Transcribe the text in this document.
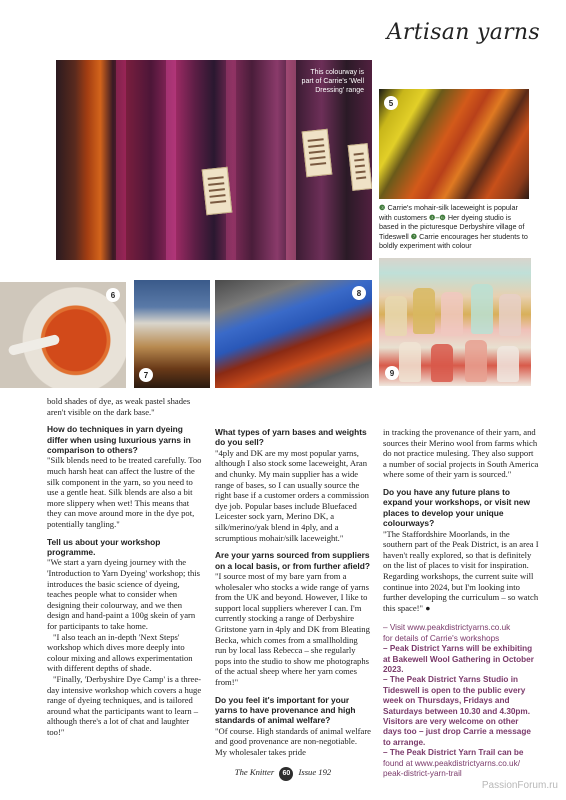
Artisan yarns
This colourway is part of Carrie's 'Well Dressing' range
5
❸ Carrie's mohair-silk laceweight is popular with customers ❹–❻ Her dyeing studio is based in the picturesque Derbyshire village of Tideswell ❼ Carrie encourages her students to boldly experiment with colour
6
7
8
9

bold shades of dye, as weak pastel shades aren't visible on the dark base."

How do techniques in yarn dyeing differ when using luxurious yarns in comparison to others?

"Silk blends need to be treated carefully. Too much harsh heat can affect the lustre of the silk component in the yarn, so you need to use a gentle heat. Silk blends are also a bit more slippery when wet! This means that they can move around more in the dye pot, potentially tangling."

Tell us about your workshop programme.

"We start a yarn dyeing journey with the 'Introduction to Yarn Dyeing' workshop; this introduces the basic science of dyeing, teaches people what to consider when designing their colourway, and we then design and hand-paint a 100g skein of yarn for participants to take home.

"I also teach an in-depth 'Next Steps' workshop which dives more deeply into colour mixing and allows experimentation with different depths of shade.

"Finally, 'Derbyshire Dye Camp' is a three-day intensive workshop which covers a huge range of dyeing techniques, and is tailored around what the participants want to learn – although there's a lot of chat and laughter too!"

What types of yarn bases and weights do you sell?

"4ply and DK are my most popular yarns, although I also stock some laceweight, Aran and chunky. My main supplier has a wide range of bases, so I can usually source the right base if a customer orders a commission dye job. Popular bases include Bluefaced Leicester sock yarn, Merino DK, a silk/merino/yak blend in 4ply, and a scrumptious mohair/silk laceweight."

Are your yarns sourced from suppliers on a local basis, or from further afield?

"I source most of my bare yarn from a wholesaler who stocks a wide range of yarns from the UK and beyond. However, I like to support local suppliers wherever I can. I'm currently stocking a range of Derbyshire Gritstone yarn in 4ply and DK from Bleating Becka, which comes from a smallholding run by local lass Rebecca – she regularly pops into the studio to show me photographs of the actual sheep where her yarn comes from!"

Do you feel it's important for your yarns to have provenance and high standards of animal welfare?

"Of course. High standards of animal welfare and good provenance are non-negotiable. My wholesaler takes pride

in tracking the provenance of their yarn, and sources their Merino wool from farms which do not practice mulesing. They also support a number of social projects in South America where some of their yarn is sourced."

Do you have any future plans to expand your workshops, or visit new places to develop your unique colourways?

"The Staffordshire Moorlands, in the southern part of the Peak District, is an area I haven't really explored, so that is definitely on the list of places to visit for inspiration. Regarding workshops, the current suite will continue into 2024, but I'm looking into further developing the curriculum – so watch this space!" ●

– Visit www.peakdistrictyarns.co.uk
for details of Carrie's workshops
– Peak District Yarns will be exhibiting at Bakewell Wool Gathering in October 2023.
– The Peak District Yarns Studio in Tideswell is open to the public every week on Thursdays, Fridays and Saturdays between 10.30 and 4.30pm. Visitors are very welcome on other days too – just drop Carrie a message to arrange.
– The Peak District Yarn Trail can be
found at www.peakdistrictyarns.co.uk/ peak-district-yarn-trail
The Knitter 60 Issue 192
PassionForum.ru
